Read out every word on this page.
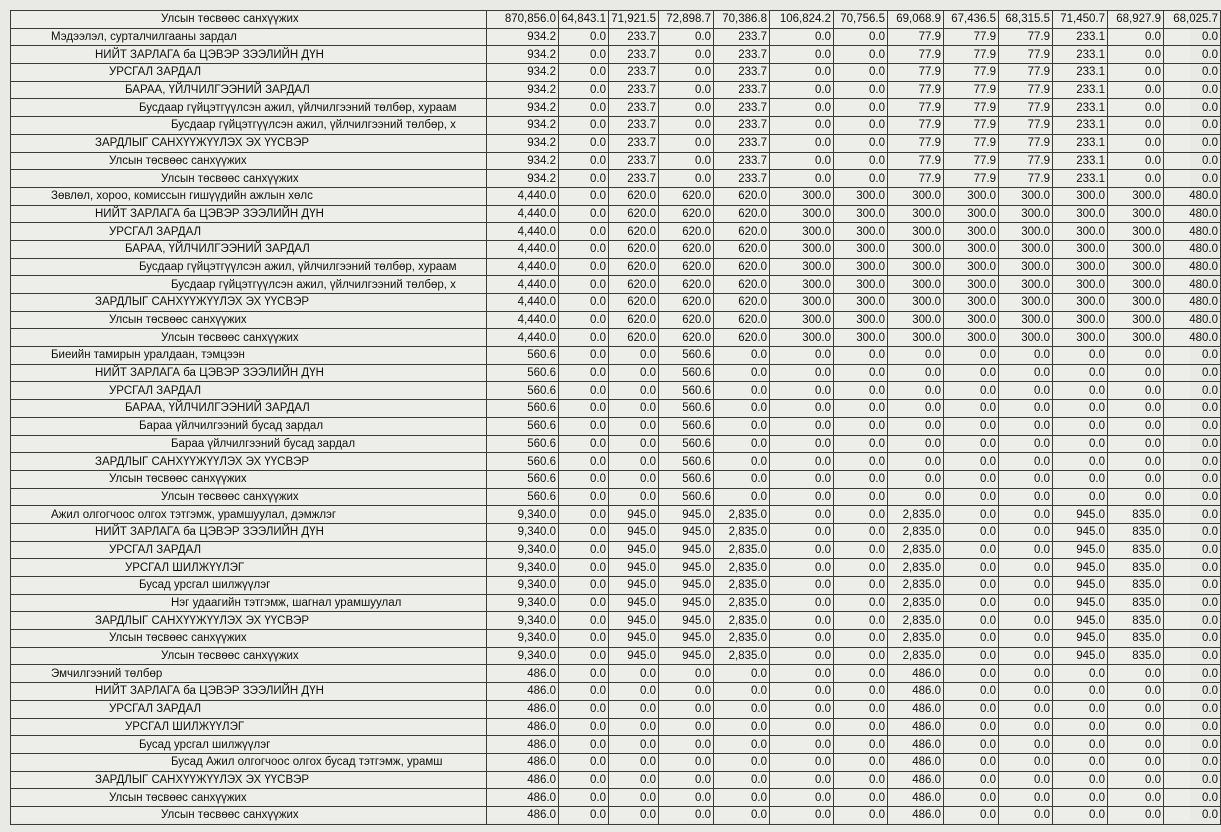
Улсын төсвөөс санхүүжих	870,856.0	64,843.1	71,921.5	72,898.7	70,386.8	106,824.2	70,756.5	69,068.9	67,436.5	68,315.5	71,450.7	68,927.9	68,025.7
Мэдээлэл, сурталчилгааны зардал	934.2	0.0	233.7	0.0	233.7	0.0	0.0	77.9	77.9	77.9	233.1	0.0	0.0
НИЙТ ЗАРЛАГА ба ЦЭВЭР ЗЭЭЛИЙН ДҮН	934.2	0.0	233.7	0.0	233.7	0.0	0.0	77.9	77.9	77.9	233.1	0.0	0.0
УРСГАЛ ЗАРДАЛ	934.2	0.0	233.7	0.0	233.7	0.0	0.0	77.9	77.9	77.9	233.1	0.0	0.0
БАРАА, ҮЙЛЧИЛГЭЭНИЙ ЗАРДАЛ	934.2	0.0	233.7	0.0	233.7	0.0	0.0	77.9	77.9	77.9	233.1	0.0	0.0
Бусдаар гүйцэтгүүлсэн ажил, үйлчилгээний төлбөр, хураам	934.2	0.0	233.7	0.0	233.7	0.0	0.0	77.9	77.9	77.9	233.1	0.0	0.0
Бусдаар гүйцэтгүүлсэн ажил, үйлчилгээний төлбөр, х	934.2	0.0	233.7	0.0	233.7	0.0	0.0	77.9	77.9	77.9	233.1	0.0	0.0
ЗАРДЛЫГ САНХҮҮЖҮҮЛЭХ ЭХ ҮҮСВЭР	934.2	0.0	233.7	0.0	233.7	0.0	0.0	77.9	77.9	77.9	233.1	0.0	0.0
Улсын төсвөөс санхүүжих	934.2	0.0	233.7	0.0	233.7	0.0	0.0	77.9	77.9	77.9	233.1	0.0	0.0
Улсын төсвөөс санхүүжих	934.2	0.0	233.7	0.0	233.7	0.0	0.0	77.9	77.9	77.9	233.1	0.0	0.0
Зөвлөл, хороо, комиссын гишүүдийн ажлын хөлс	4,440.0	0.0	620.0	620.0	620.0	300.0	300.0	300.0	300.0	300.0	300.0	300.0	480.0
НИЙТ ЗАРЛАГА ба ЦЭВЭР ЗЭЭЛИЙН ДҮН	4,440.0	0.0	620.0	620.0	620.0	300.0	300.0	300.0	300.0	300.0	300.0	300.0	480.0
УРСГАЛ ЗАРДАЛ	4,440.0	0.0	620.0	620.0	620.0	300.0	300.0	300.0	300.0	300.0	300.0	300.0	480.0
БАРАА, ҮЙЛЧИЛГЭЭНИЙ ЗАРДАЛ	4,440.0	0.0	620.0	620.0	620.0	300.0	300.0	300.0	300.0	300.0	300.0	300.0	480.0
Бусдаар гүйцэтгүүлсэн ажил, үйлчилгээний төлбөр, хураам	4,440.0	0.0	620.0	620.0	620.0	300.0	300.0	300.0	300.0	300.0	300.0	300.0	480.0
Бусдаар гүйцэтгүүлсэн ажил, үйлчилгээний төлбөр, х	4,440.0	0.0	620.0	620.0	620.0	300.0	300.0	300.0	300.0	300.0	300.0	300.0	480.0
ЗАРДЛЫГ САНХҮҮЖҮҮЛЭХ ЭХ ҮҮСВЭР	4,440.0	0.0	620.0	620.0	620.0	300.0	300.0	300.0	300.0	300.0	300.0	300.0	480.0
Улсын төсвөөс санхүүжих	4,440.0	0.0	620.0	620.0	620.0	300.0	300.0	300.0	300.0	300.0	300.0	300.0	480.0
Улсын төсвөөс санхүүжих	4,440.0	0.0	620.0	620.0	620.0	300.0	300.0	300.0	300.0	300.0	300.0	300.0	480.0
Биеийн тамирын уралдаан, тэмцээн	560.6	0.0	0.0	560.6	0.0	0.0	0.0	0.0	0.0	0.0	0.0	0.0	0.0
НИЙТ ЗАРЛАГА ба ЦЭВЭР ЗЭЭЛИЙН ДҮН	560.6	0.0	0.0	560.6	0.0	0.0	0.0	0.0	0.0	0.0	0.0	0.0	0.0
УРСГАЛ ЗАРДАЛ	560.6	0.0	0.0	560.6	0.0	0.0	0.0	0.0	0.0	0.0	0.0	0.0	0.0
БАРАА, ҮЙЛЧИЛГЭЭНИЙ ЗАРДАЛ	560.6	0.0	0.0	560.6	0.0	0.0	0.0	0.0	0.0	0.0	0.0	0.0	0.0
Бараа үйлчилгээний бусад зардал	560.6	0.0	0.0	560.6	0.0	0.0	0.0	0.0	0.0	0.0	0.0	0.0	0.0
Бараа үйлчилгээний бусад зардал	560.6	0.0	0.0	560.6	0.0	0.0	0.0	0.0	0.0	0.0	0.0	0.0	0.0
ЗАРДЛЫГ САНХҮҮЖҮҮЛЭХ ЭХ ҮҮСВЭР	560.6	0.0	0.0	560.6	0.0	0.0	0.0	0.0	0.0	0.0	0.0	0.0	0.0
Улсын төсвөөс санхүүжих	560.6	0.0	0.0	560.6	0.0	0.0	0.0	0.0	0.0	0.0	0.0	0.0	0.0
Улсын төсвөөс санхүүжих	560.6	0.0	0.0	560.6	0.0	0.0	0.0	0.0	0.0	0.0	0.0	0.0	0.0
Ажил олгогчоос олгох тэтгэмж, урамшуулал, дэмжлэг	9,340.0	0.0	945.0	945.0	2,835.0	0.0	0.0	2,835.0	0.0	0.0	945.0	835.0	0.0
НИЙТ ЗАРЛАГА ба ЦЭВЭР ЗЭЭЛИЙН ДҮН	9,340.0	0.0	945.0	945.0	2,835.0	0.0	0.0	2,835.0	0.0	0.0	945.0	835.0	0.0
УРСГАЛ ЗАРДАЛ	9,340.0	0.0	945.0	945.0	2,835.0	0.0	0.0	2,835.0	0.0	0.0	945.0	835.0	0.0
УРСГАЛ ШИЛЖҮҮЛЭГ	9,340.0	0.0	945.0	945.0	2,835.0	0.0	0.0	2,835.0	0.0	0.0	945.0	835.0	0.0
Бусад урсгал шилжүүлэг	9,340.0	0.0	945.0	945.0	2,835.0	0.0	0.0	2,835.0	0.0	0.0	945.0	835.0	0.0
Нэг удаагийн тэтгэмж, шагнал урамшуулал	9,340.0	0.0	945.0	945.0	2,835.0	0.0	0.0	2,835.0	0.0	0.0	945.0	835.0	0.0
ЗАРДЛЫГ САНХҮҮЖҮҮЛЭХ ЭХ ҮҮСВЭР	9,340.0	0.0	945.0	945.0	2,835.0	0.0	0.0	2,835.0	0.0	0.0	945.0	835.0	0.0
Улсын төсвөөс санхүүжих	9,340.0	0.0	945.0	945.0	2,835.0	0.0	0.0	2,835.0	0.0	0.0	945.0	835.0	0.0
Улсын төсвөөс санхүүжих	9,340.0	0.0	945.0	945.0	2,835.0	0.0	0.0	2,835.0	0.0	0.0	945.0	835.0	0.0
Эмчилгээний төлбөр	486.0	0.0	0.0	0.0	0.0	0.0	0.0	486.0	0.0	0.0	0.0	0.0	0.0
НИЙТ ЗАРЛАГА ба ЦЭВЭР ЗЭЭЛИЙН ДҮН	486.0	0.0	0.0	0.0	0.0	0.0	0.0	486.0	0.0	0.0	0.0	0.0	0.0
УРСГАЛ ЗАРДАЛ	486.0	0.0	0.0	0.0	0.0	0.0	0.0	486.0	0.0	0.0	0.0	0.0	0.0
УРСГАЛ ШИЛЖҮҮЛЭГ	486.0	0.0	0.0	0.0	0.0	0.0	0.0	486.0	0.0	0.0	0.0	0.0	0.0
Бусад урсгал шилжүүлэг	486.0	0.0	0.0	0.0	0.0	0.0	0.0	486.0	0.0	0.0	0.0	0.0	0.0
Бусад Ажил олгогчоос олгох бусад тэтгэмж, урамш	486.0	0.0	0.0	0.0	0.0	0.0	0.0	486.0	0.0	0.0	0.0	0.0	0.0
ЗАРДЛЫГ САНХҮҮЖҮҮЛЭХ ЭХ ҮҮСВЭР	486.0	0.0	0.0	0.0	0.0	0.0	0.0	486.0	0.0	0.0	0.0	0.0	0.0
Улсын төсвөөс санхүүжих	486.0	0.0	0.0	0.0	0.0	0.0	0.0	486.0	0.0	0.0	0.0	0.0	0.0
Улсын төсвөөс санхүүжих	486.0	0.0	0.0	0.0	0.0	0.0	0.0	486.0	0.0	0.0	0.0	0.0	0.0
